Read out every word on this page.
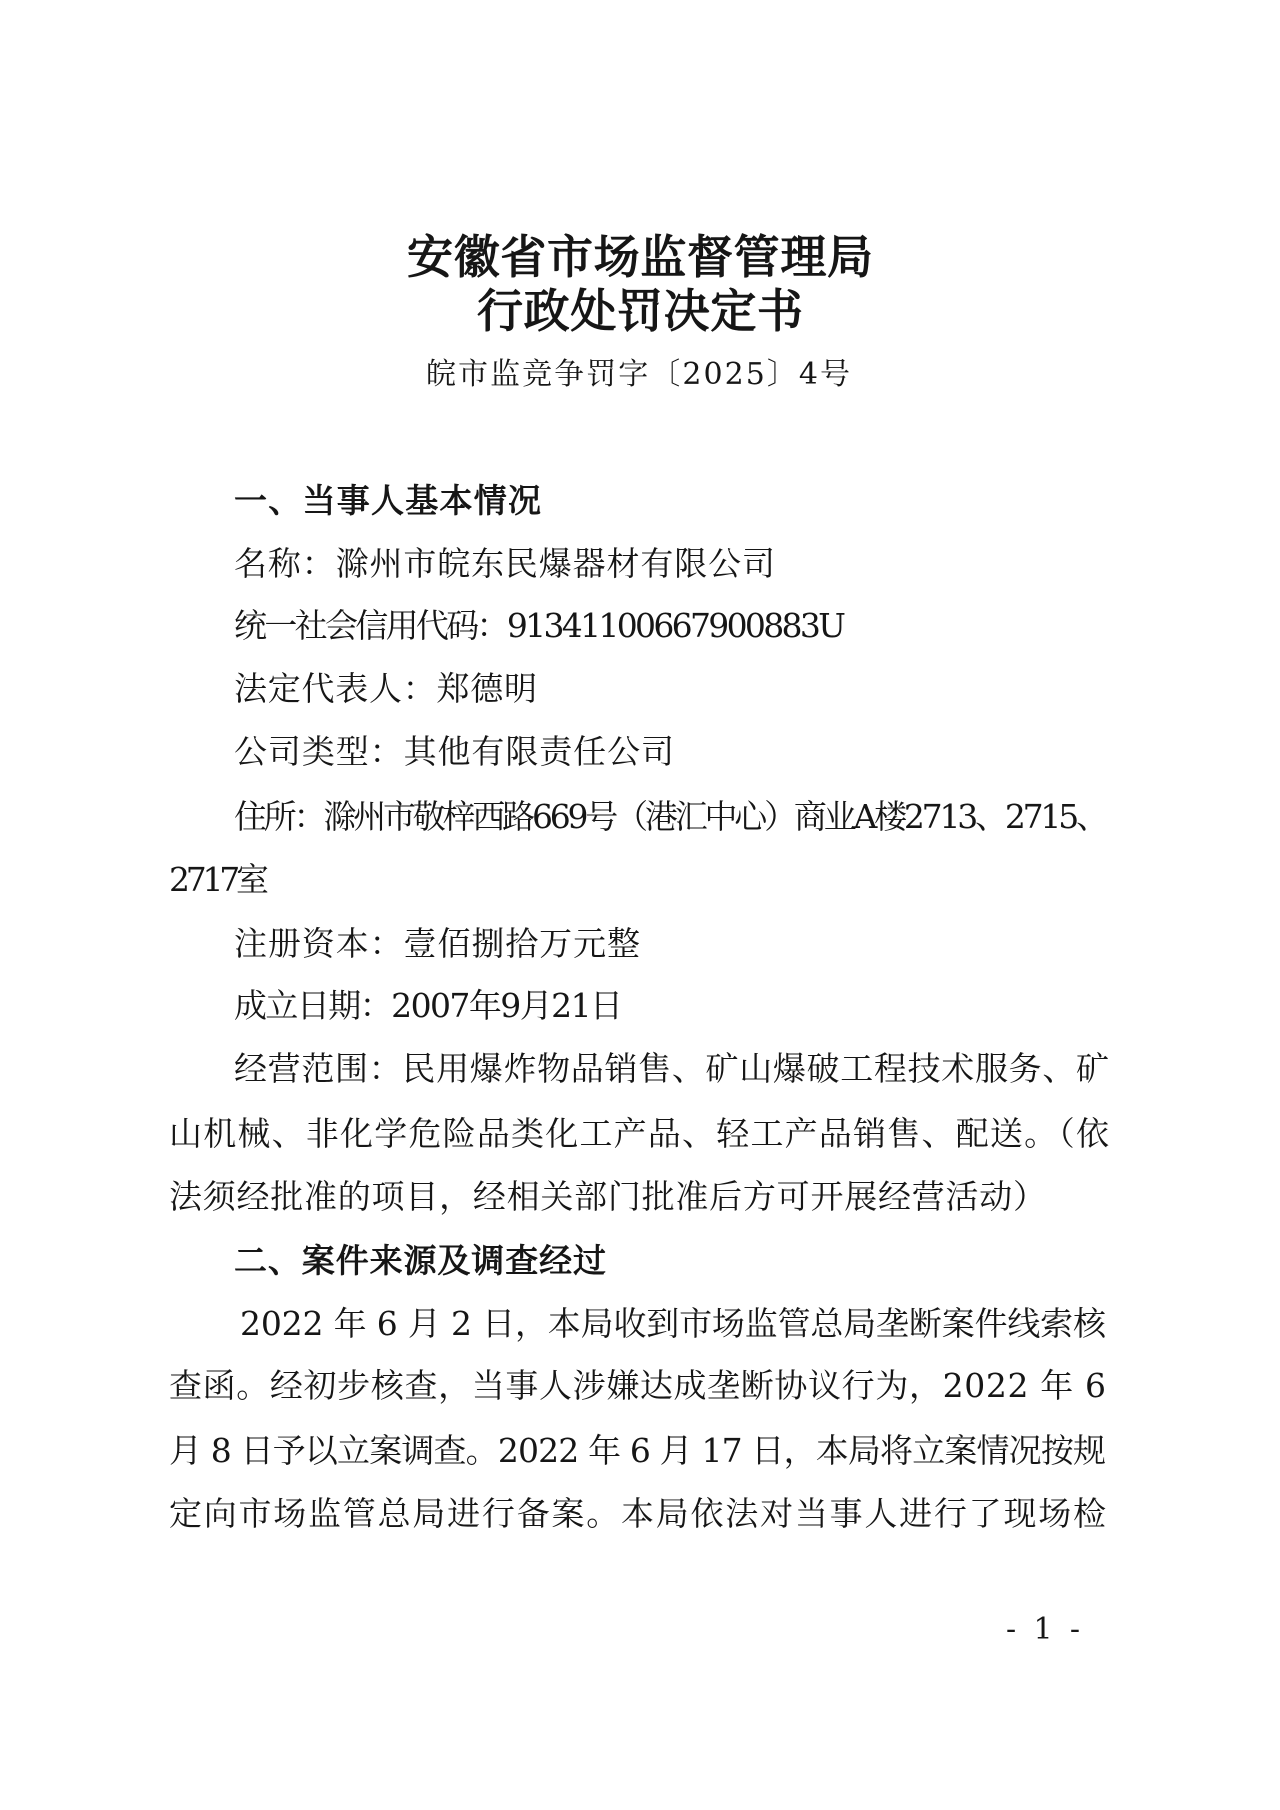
安徽省市场监督管理局
行政处罚决定书
皖市监竞争罚字〔2025〕4号
一、当事人基本情况
名称：滁州市皖东民爆器材有限公司
统一社会信用代码：91341100667900883U
法定代表人：郑德明
公司类型：其他有限责任公司
住所：滁州市敬梓西路669号（港汇中心）商业A楼2713、2715、
2717室
注册资本：壹佰捌拾万元整
成立日期：2007年9月21日
经营范围：民用爆炸物品销售、矿山爆破工程技术服务、矿
山机械、非化学危险品类化工产品、轻工产品销售、配送。（依
法须经批准的项目，经相关部门批准后方可开展经营活动）
二、案件来源及调查经过
2022 年 6 月 2 日，本局收到市场监管总局垄断案件线索核
查函。经初步核查，当事人涉嫌达成垄断协议行为，2022 年 6
月 8 日予以立案调查。2022 年 6 月 17 日，本局将立案情况按规
定向市场监管总局进行备案。本局依法对当事人进行了现场检
- 1 -
